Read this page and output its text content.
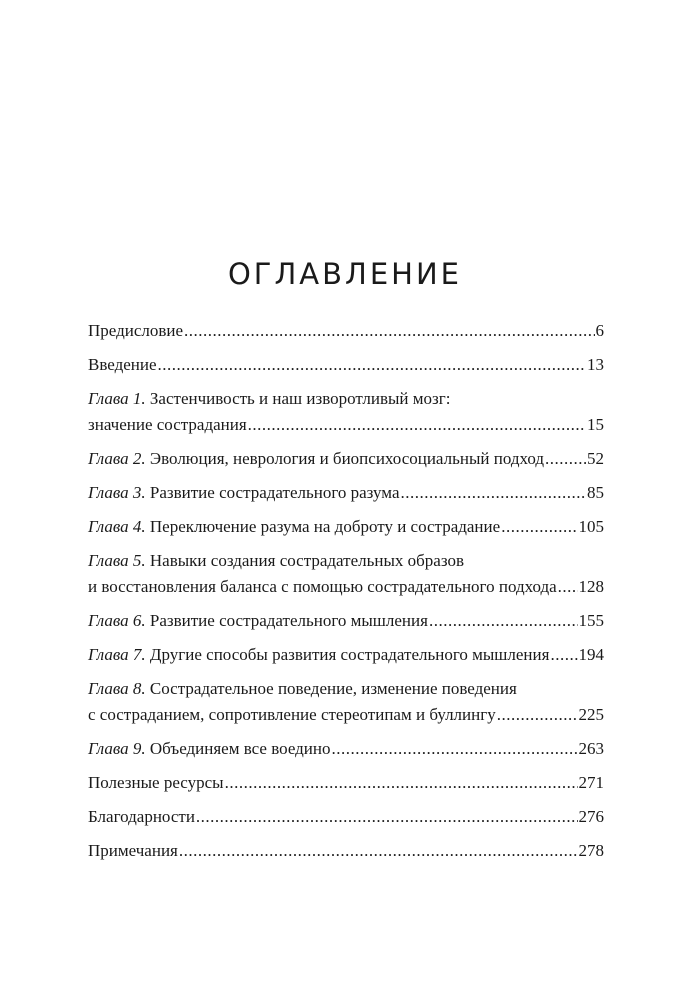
ОГЛАВЛЕНИЕ
Предисловие .....	6
Введение .....	13
Глава 1. Застенчивость и наш изворотливый мозг:
значение сострадания .....	15
Глава 2.
Эволюция, неврология и биопсихосоциальный подход .....	52
Глава 3.
Развитие сострадательного разума .....	85
Глава 4.
Переключение разума на доброту и сострадание .....	105
Глава 5. Навыки создания сострадательных образов
и восстановления баланса с помощью сострадательного подхода ..... 128
Глава 6.
Развитие сострадательного мышления .....	155
Глава 7.
Другие способы развития сострадательного мышления ..... 194
Глава 8. Сострадательное поведение, изменение поведения
с состраданием, сопротивление стереотипам и буллингу .....	225
Глава 9.
Объединяем все воедино .....	263
Полезные ресурсы .....	271
Благодарности .....	276
Примечания .....	278
